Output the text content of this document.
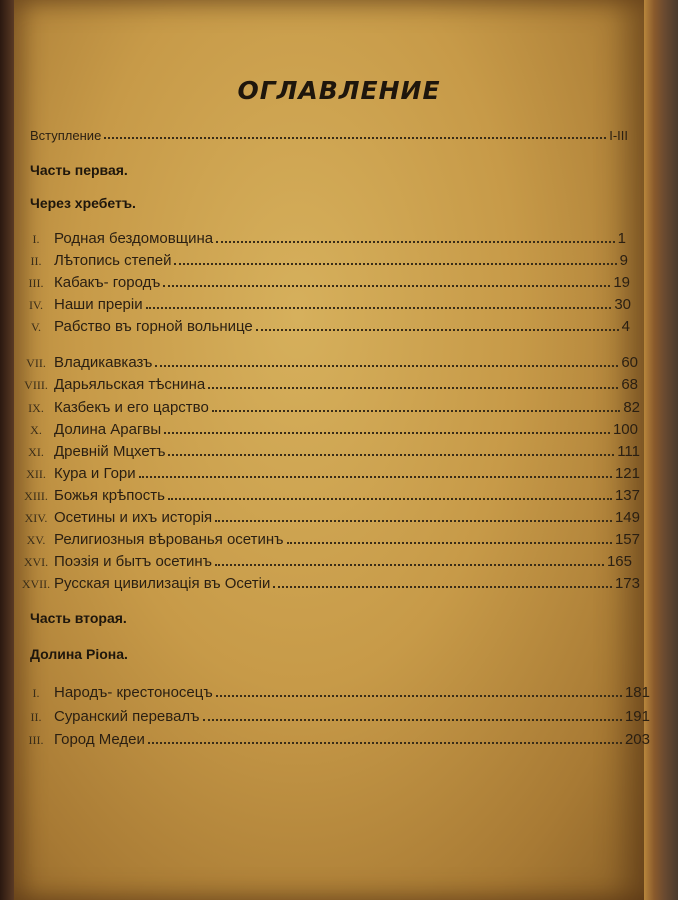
ОГЛАВЛЕНИЕ
Вступление	I-III
Часть первая.
Через хребетъ.
I. Родная бездомовщина	1
II. Лѣтопись степей	9
III. Кабакъ- городъ	19
IV. Наши преріи	30
V. Рабство въ горной вольнице	4
VII. Владикавказъ	60
VIII. Дарьяльская тѣснина	68
IX. Казбекъ и его царство	82
X. Долина Арагвы	100
XI. Древній Мцхетъ	111
XII. Кура и Гори	121
XIII. Божья крѣпость	137
XIV. Осетины и ихъ исторія	149
XV. Религиозныя вѣрованья осетинъ	157
XVI. Поэзія и бытъ осетинъ	165
XVII. Русская цивилизація въ Осетіи	173
Часть вторая.
Долина Ріона.
I. Народъ- крестоносецъ	181
II. Суранский перевалъ	191
III. Город Медеи	203
